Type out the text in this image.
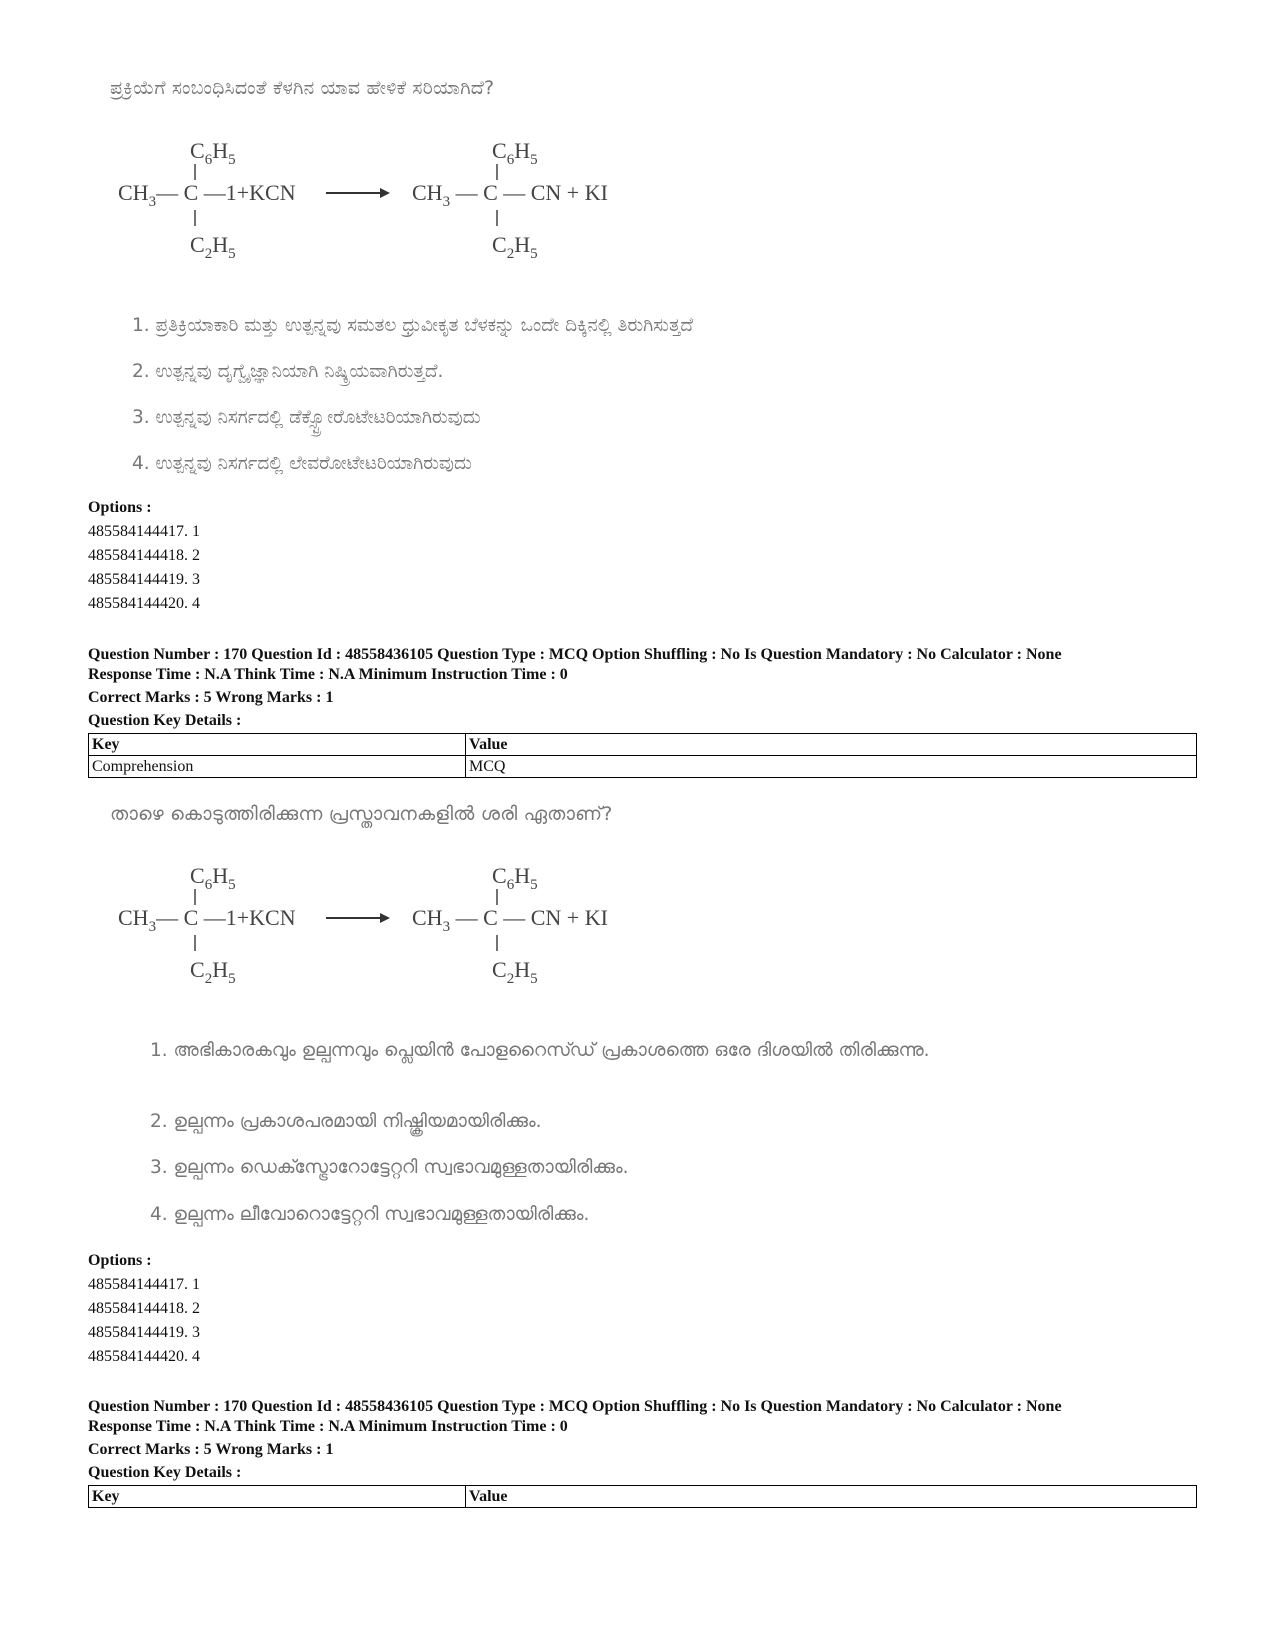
ಪ್ರಕ್ರಿಯೆಗೆ ಸಂಬಂಧಿಸಿದಂತೆ ಕೆಳಗಿನ ಯಾವ ಹೇಳಿಕೆ ಸರಿಯಾಗಿದೆ?
$C_6H_5$
$CH_3—$ C —1+KCN
$C_2H_5$
$C_6H_5$
$CH_3$ — C — CN + KI
$C_2H_5$
1. ಪ್ರತಿಕ್ರಿಯಾಕಾರಿ ಮತ್ತು ಉತ್ಪನ್ನವು ಸಮತಲ ಧ್ರುವೀಕೃತ ಬೆಳಕನ್ನು ಒಂದೇ ದಿಕ್ಕಿನಲ್ಲಿ ತಿರುಗಿಸುತ್ತದೆ
2. ಉತ್ಪನ್ನವು ದೃಗ್ವೈಜ್ಞಾನಿಯಾಗಿ ನಿಷ್ಕ್ರಿಯವಾಗಿರುತ್ತದೆ.
3. ಉತ್ಪನ್ನವು ನಿಸರ್ಗದಲ್ಲಿ ಡೆಕ್ಸ್ಟ್ರೋರೊಟೇಟರಿಯಾಗಿರುವುದು
4. ಉತ್ಪನ್ನವು ನಿಸರ್ಗದಲ್ಲಿ ಲೇವರೋಟೇಟರಿಯಾಗಿರುವುದು
Options :
485584144417. 1
485584144418. 2
485584144419. 3
485584144420. 4
Question Number : 170 Question Id : 48558436105 Question Type : MCQ Option Shuffling : No Is Question Mandatory : No Calculator : None
Response Time : N.A Think Time : N.A Minimum Instruction Time : 0
Correct Marks : 5 Wrong Marks : 1
Question Key Details :
Key	Value
Comprehension	MCQ
താഴെ കൊടുത്തിരിക്കുന്ന പ്രസ്താവനകളിൽ ശരി ഏതാണ്?
$C_6H_5$
$CH_3—$ C —1+KCN
$C_2H_5$
$C_6H_5$
$CH_3$ — C — CN + KI
$C_2H_5$
1. അഭികാരകവും ഉല്പന്നവും പ്ലെയിൻ പോളറൈസ്ഡ് പ്രകാശത്തെ ഒരേ ദിശയിൽ തിരിക്കുന്നു.
2. ഉല്പന്നം പ്രകാശപരമായി നിഷ്ക്രിയമായിരിക്കും.
3. ഉല്പന്നം ഡെക്സ്ട്രോറോട്ടേറ്ററി സ്വഭാവമുള്ളതായിരിക്കും.
4. ഉല്പന്നം ലീവോറൊട്ടേറ്ററി സ്വഭാവമുള്ളതായിരിക്കും.
Options :
485584144417. 1
485584144418. 2
485584144419. 3
485584144420. 4
Question Number : 170 Question Id : 48558436105 Question Type : MCQ Option Shuffling : No Is Question Mandatory : No Calculator : None
Response Time : N.A Think Time : N.A Minimum Instruction Time : 0
Correct Marks : 5 Wrong Marks : 1
Question Key Details :
Key	Value
